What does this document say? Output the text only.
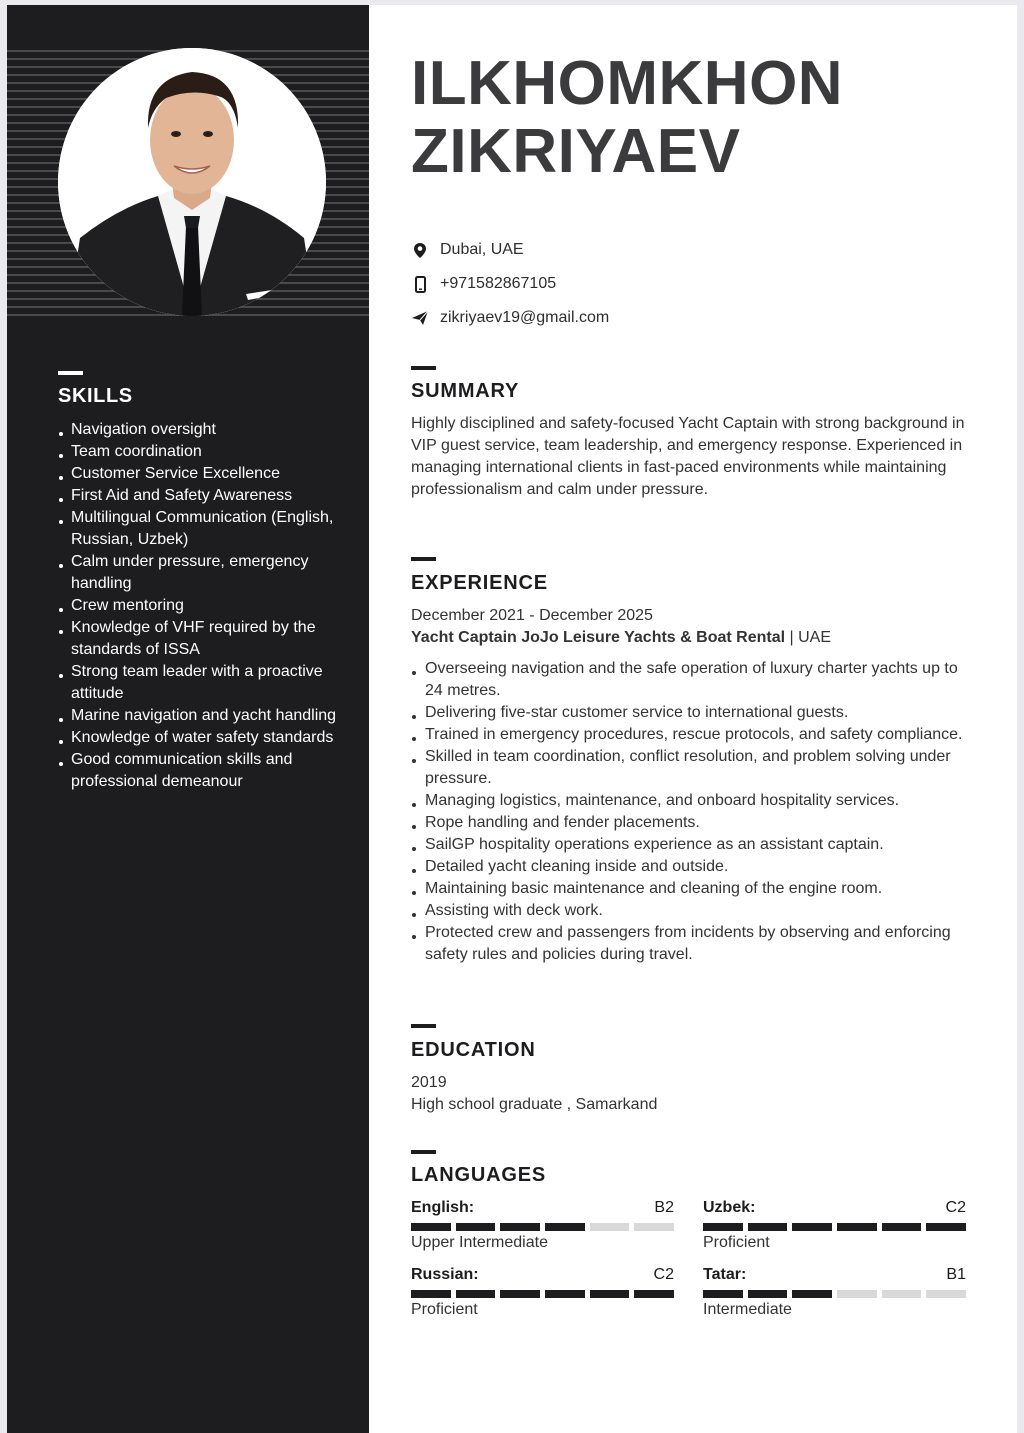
SKILLS
Navigation oversight
Team coordination
Customer Service Excellence
First Aid and Safety Awareness
Multilingual Communication (English, Russian, Uzbek)
Calm under pressure, emergency handling
Crew mentoring
Knowledge of VHF required by the standards of ISSA
Strong team leader with a proactive attitude
Marine navigation and yacht handling
Knowledge of water safety standards
Good communication skills and professional demeanour
ILKHOMKHON
ZIKRIYAEV
Dubai, UAE
+971582867105
zikriyaev19@gmail.com
SUMMARY
Highly disciplined and safety-focused Yacht Captain with strong background in VIP guest service, team leadership, and emergency response. Experienced in managing international clients in fast-paced environments while maintaining professionalism and calm under pressure.
EXPERIENCE
December 2021 - December 2025
Yacht Captain JoJo Leisure Yachts & Boat Rental | UAE
Overseeing navigation and the safe operation of luxury charter yachts up to 24 metres.
Delivering five-star customer service to international guests.
Trained in emergency procedures, rescue protocols, and safety compliance.
Skilled in team coordination, conflict resolution, and problem solving under pressure.
Managing logistics, maintenance, and onboard hospitality services.
Rope handling and fender placements.
SailGP hospitality operations experience as an assistant captain.
Detailed yacht cleaning inside and outside.
Maintaining basic maintenance and cleaning of the engine room.
Assisting with deck work.
Protected crew and passengers from incidents by observing and enforcing safety rules and policies during travel.
EDUCATION
2019
High school graduate , Samarkand
LANGUAGES
English:	B2
Upper Intermediate
Uzbek:	C2
Proficient
Russian:	C2
Proficient
Tatar:	B1
Intermediate
